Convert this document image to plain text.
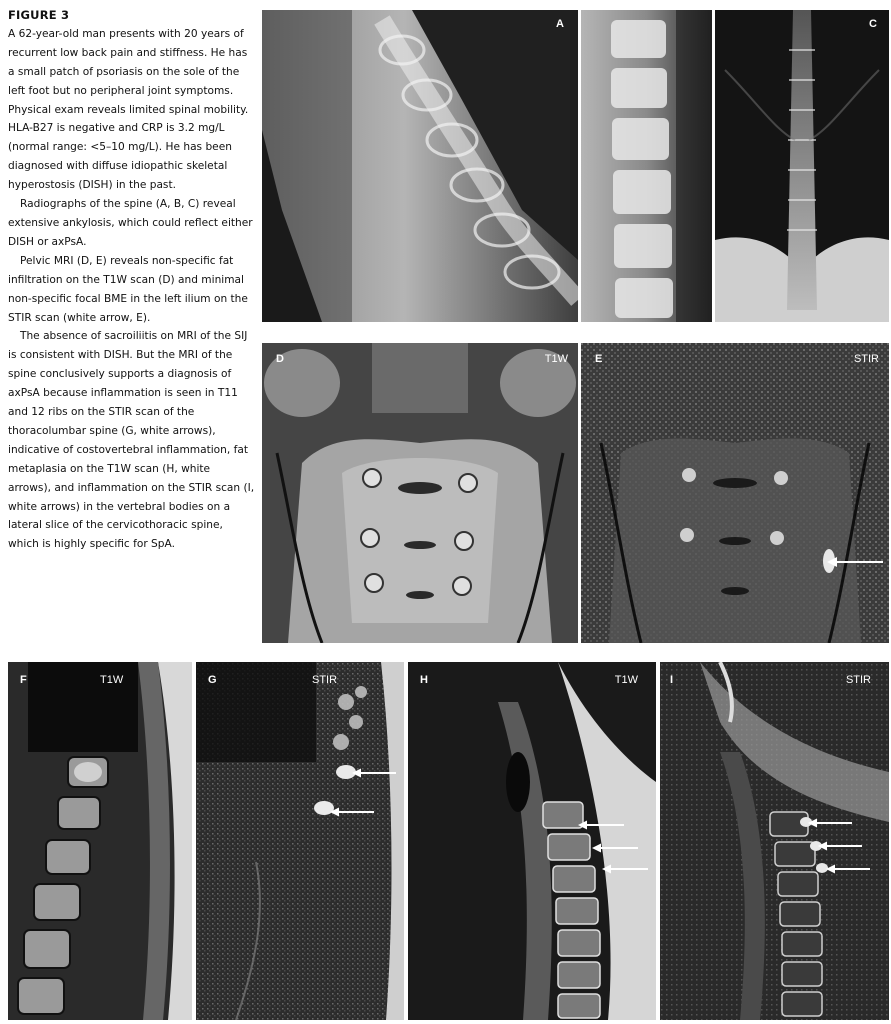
FIGURE 3

A 62-year-old man presents with 20 years of recurrent low back pain and stiffness. He has a small patch of psoriasis on the sole of the left foot but no peripheral joint symptoms. Physical exam reveals limited spinal mobility. HLA-B27 is negative and CRP is 3.2 mg/L (normal range: <5–10 mg/L). He has been diagnosed with diffuse idiopathic skeletal hyperostosis (DISH) in the past.

Radiographs of the spine (A, B, C) reveal extensive ankylosis, which could reflect either DISH or axPsA.

Pelvic MRI (D, E) reveals non-specific fat infiltration on the T1W scan (D) and minimal non-specific focal BME in the left ilium on the STIR scan (white arrow, E).

The absence of sacroiliitis on MRI of the SIJ is consistent with DISH. But the MRI of the spine conclusively supports a diagnosis of axPsA because inflammation is seen in T11 and 12 ribs on the STIR scan of the thoracolumbar spine (G, white arrows), indicative of costovertebral inflammation, fat metaplasia on the T1W scan (H, white arrows), and inflammation on the STIR scan (I, white arrows) in the vertebral bodies on a lateral slice of the cervicothoracic spine, which is highly specific for SpA.

A	C
D	T1W E	STIR
F	T1W	G	STIR	H	T1W	I	STIR
